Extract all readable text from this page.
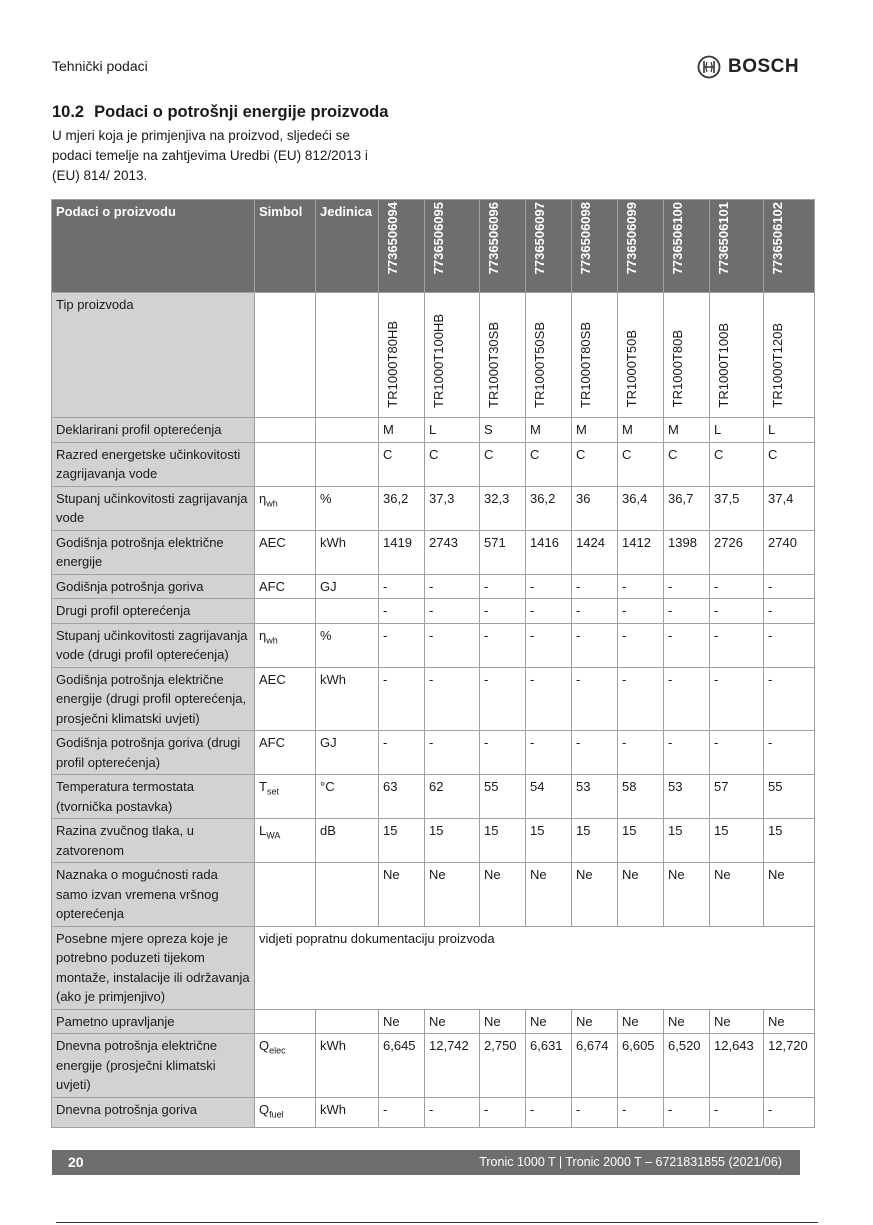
Tehnički podaci	BOSCH
10.2 Podaci o potrošnji energije proizvoda
U mjeri koja je primjenjiva na proizvod, sljedeći se podaci temelje na zahtjevima Uredbi (EU) 812/2013 i (EU) 814/ 2013.
Podaci o proizvodu	Simbol	Jedinica	7736506094	7736506095	7736506096	7736506097	7736506098	7736506099	7736506100	7736506101	7736506102
Tip proizvoda			TR1000T80HB	TR1000T100HB	TR1000T30SB	TR1000T50SB	TR1000T80SB	TR1000T50B	TR1000T80B	TR1000T100B	TR1000T120B
Deklarirani profil opterećenja			M	L	S	M	M	M	M	L	L
Razred energetske učinkovitosti zagrijavanja vode			C	C	C	C	C	C	C	C	C
Stupanj učinkovitosti zagrijavanja vode	$\eta_{wh}$	%	36,2	37,3	32,3	36,2	36	36,4	36,7	37,5	37,4
Godišnja potrošnja električne energije	AEC	kWh	1419	2743	571	1416	1424	1412	1398	2726	2740
Godišnja potrošnja goriva	AFC	GJ	-	-	-	-	-	-	-	-	-
Drugi profil opterećenja			-	-	-	-	-	-	-	-	-
Stupanj učinkovitosti zagrijavanja vode (drugi profil opterećenja)	$\eta_{wh}$	%	-	-	-	-	-	-	-	-	-
Godišnja potrošnja električne energije (drugi profil opterećenja, prosječni klimatski uvjeti)	AEC	kWh	-	-	-	-	-	-	-	-	-
Godišnja potrošnja goriva (drugi profil opterećenja)	AFC	GJ	-	-	-	-	-	-	-	-	-
Temperatura termostata (tvornička postavka)	$T_{set}$	°C	63	62	55	54	53	58	53	57	55
Razina zvučnog tlaka, u zatvorenom	$L_{WA}$	dB	15	15	15	15	15	15	15	15	15
Naznaka o mogućnosti rada samo izvan vremena vršnog opterećenja			Ne	Ne	Ne	Ne	Ne	Ne	Ne	Ne	Ne
Posebne mjere opreza koje je potrebno poduzeti tijekom montaže, instalacije ili održavanja (ako je primjenjivo)	vidjeti popratnu dokumentaciju proizvoda										
Pametno upravljanje			Ne	Ne	Ne	Ne	Ne	Ne	Ne	Ne	Ne
Dnevna potrošnja električne energije (prosječni klimatski uvjeti)	$Q_{elec}$	kWh	6,645	12,742	2,750	6,631	6,674	6,605	6,520	12,643	12,720
Dnevna potrošnja goriva	$Q_{fuel}$	kWh	-	-	-	-	-	-	-	-	-
20	Tronic 1000 T | Tronic 2000 T – 6721831855 (2021/06)
